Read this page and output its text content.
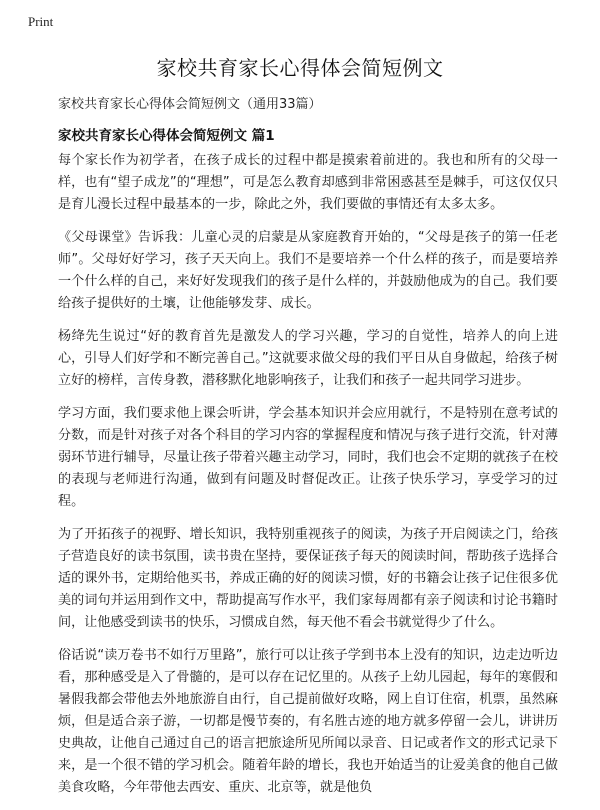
Print
家校共育家长心得体会简短例文

家校共育家长心得体会简短例文（通用33篇）

家校共育家长心得体会简短例文 篇1

每个家长作为初学者，在孩子成长的过程中都是摸索着前进的。我也和所有的父母一样，也有“望子成龙”的“理想”，可是怎么教育却感到非常困惑甚至是棘手，可这仅仅只是育儿漫长过程中最基本的一步，除此之外，我们要做的事情还有太多太多。

《父母课堂》告诉我：儿童心灵的启蒙是从家庭教育开始的，“父母是孩子的第一任老师”。父母好好学习，孩子天天向上。我们不是要培养一个什么样的孩子，而是要培养一个什么样的自己，来好好发现我们的孩子是什么样的，并鼓励他成为的自己。我们要给孩子提供好的土壤，让他能够发芽、成长。

杨绛先生说过“好的教育首先是激发人的学习兴趣，学习的自觉性，培养人的向上进心，引导人们好学和不断完善自己。”这就要求做父母的我们平日从自身做起，给孩子树立好的榜样，言传身教，潜移默化地影响孩子，让我们和孩子一起共同学习进步。

学习方面，我们要求他上课会听讲，学会基本知识并会应用就行，不是特别在意考试的分数，而是针对孩子对各个科目的学习内容的掌握程度和情况与孩子进行交流，针对薄弱环节进行辅导，尽量让孩子带着兴趣主动学习，同时，我们也会不定期的就孩子在校的表现与老师进行沟通，做到有问题及时督促改正。让孩子快乐学习，享受学习的过程。

为了开拓孩子的视野、增长知识，我特别重视孩子的阅读，为孩子开启阅读之门，给孩子营造良好的读书氛围，读书贵在坚持，要保证孩子每天的阅读时间，帮助孩子选择合适的课外书，定期给他买书，养成正确的好的阅读习惯，好的书籍会让孩子记住很多优美的词句并运用到作文中，帮助提高写作水平，我们家每周都有亲子阅读和讨论书籍时间，让他感受到读书的快乐，习惯成自然，每天他不看会书就觉得少了什么。

俗话说“读万卷书不如行万里路”，旅行可以让孩子学到书本上没有的知识，边走边听边看，那种感受是入了骨髓的，是可以存在记忆里的。从孩子上幼儿园起，每年的寒假和暑假我都会带他去外地旅游自由行，自己提前做好攻略，网上自订住宿，机票，虽然麻烦，但是适合亲子游，一切都是慢节奏的，有名胜古迹的地方就多停留一会儿，讲讲历史典故，让他自己通过自己的语言把旅途所见所闻以录音、日记或者作文的形式记录下来，是一个很不错的学习机会。随着年龄的增长，我也开始适当的让爱美食的他自己做美食攻略，今年带他去西安、重庆、北京等，就是他负
